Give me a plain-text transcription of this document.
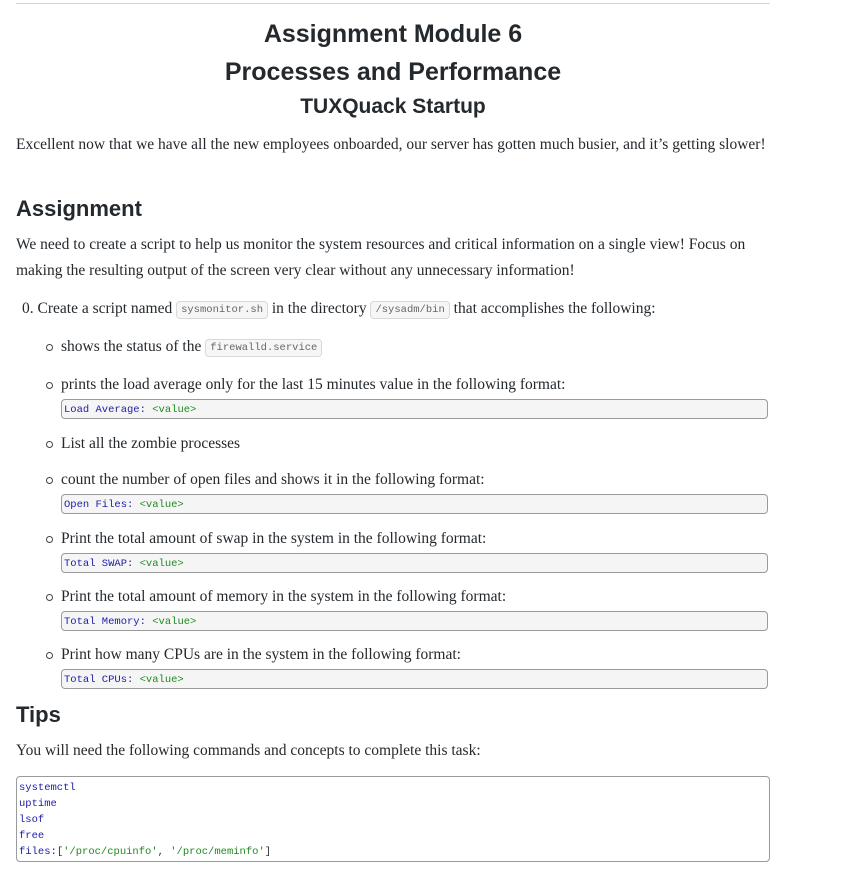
Assignment Module 6
Processes and Performance
TUXQuack Startup

Excellent now that we have all the new employees onboarded, our server has gotten much busier, and it’s getting slower!

Assignment

We need to create a script to help us monitor the system resources and critical information on a single view! Focus on making the resulting output of the screen very clear without any unnecessary information!

0. Create a script named sysmonitor.sh in the directory /sysadm/bin that accomplishes the following:
shows the status of the firewalld.service
prints the load average only for the last 15 minutes value in the following format:
Load Average: <value>
List all the zombie processes
count the number of open files and shows it in the following format:
Open Files: <value>
Print the total amount of swap in the system in the following format:
Total SWAP: <value>
Print the total amount of memory in the system in the following format:
Total Memory: <value>
Print how many CPUs are in the system in the following format:
Total CPUs: <value>
Tips

You will need the following commands and concepts to complete this task:

systemctl
uptime
lsof
free
files:['/proc/cpuinfo', '/proc/meminfo']
